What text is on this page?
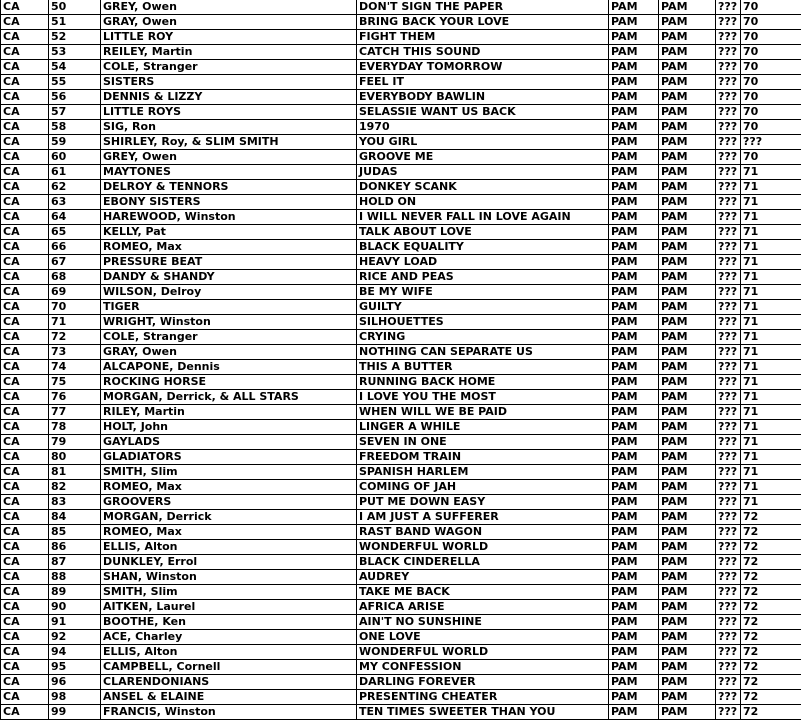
CA	50	GREY, Owen	DON'T SIGN THE PAPER	PAM	PAM	???	70
CA	51	GRAY, Owen	BRING BACK YOUR LOVE	PAM	PAM	???	70
CA	52	LITTLE ROY	FIGHT THEM	PAM	PAM	???	70
CA	53	REILEY, Martin	CATCH THIS SOUND	PAM	PAM	???	70
CA	54	COLE, Stranger	EVERYDAY TOMORROW	PAM	PAM	???	70
CA	55	SISTERS	FEEL IT	PAM	PAM	???	70
CA	56	DENNIS & LIZZY	EVERYBODY BAWLIN	PAM	PAM	???	70
CA	57	LITTLE ROYS	SELASSIE WANT US BACK	PAM	PAM	???	70
CA	58	SIG, Ron	1970	PAM	PAM	???	70
CA	59	SHIRLEY, Roy, & SLIM SMITH	YOU GIRL	PAM	PAM	???	???
CA	60	GREY, Owen	GROOVE ME	PAM	PAM	???	70
CA	61	MAYTONES	JUDAS	PAM	PAM	???	71
CA	62	DELROY & TENNORS	DONKEY SCANK	PAM	PAM	???	71
CA	63	EBONY SISTERS	HOLD ON	PAM	PAM	???	71
CA	64	HAREWOOD, Winston	I WILL NEVER FALL IN LOVE AGAIN	PAM	PAM	???	71
CA	65	KELLY, Pat	TALK ABOUT LOVE	PAM	PAM	???	71
CA	66	ROMEO, Max	BLACK EQUALITY	PAM	PAM	???	71
CA	67	PRESSURE BEAT	HEAVY LOAD	PAM	PAM	???	71
CA	68	DANDY & SHANDY	RICE AND PEAS	PAM	PAM	???	71
CA	69	WILSON, Delroy	BE MY WIFE	PAM	PAM	???	71
CA	70	TIGER	GUILTY	PAM	PAM	???	71
CA	71	WRIGHT, Winston	SILHOUETTES	PAM	PAM	???	71
CA	72	COLE, Stranger	CRYING	PAM	PAM	???	71
CA	73	GRAY, Owen	NOTHING CAN SEPARATE US	PAM	PAM	???	71
CA	74	ALCAPONE, Dennis	THIS A BUTTER	PAM	PAM	???	71
CA	75	ROCKING HORSE	RUNNING BACK HOME	PAM	PAM	???	71
CA	76	MORGAN, Derrick, & ALL STARS	I LOVE YOU THE MOST	PAM	PAM	???	71
CA	77	RILEY, Martin	WHEN WILL WE BE PAID	PAM	PAM	???	71
CA	78	HOLT, John	LINGER A WHILE	PAM	PAM	???	71
CA	79	GAYLADS	SEVEN IN ONE	PAM	PAM	???	71
CA	80	GLADIATORS	FREEDOM TRAIN	PAM	PAM	???	71
CA	81	SMITH, Slim	SPANISH HARLEM	PAM	PAM	???	71
CA	82	ROMEO, Max	COMING OF JAH	PAM	PAM	???	71
CA	83	GROOVERS	PUT ME DOWN EASY	PAM	PAM	???	71
CA	84	MORGAN, Derrick	I AM JUST A SUFFERER	PAM	PAM	???	72
CA	85	ROMEO, Max	RAST BAND WAGON	PAM	PAM	???	72
CA	86	ELLIS, Alton	WONDERFUL WORLD	PAM	PAM	???	72
CA	87	DUNKLEY, Errol	BLACK CINDERELLA	PAM	PAM	???	72
CA	88	SHAN, Winston	AUDREY	PAM	PAM	???	72
CA	89	SMITH, Slim	TAKE ME BACK	PAM	PAM	???	72
CA	90	AITKEN, Laurel	AFRICA ARISE	PAM	PAM	???	72
CA	91	BOOTHE, Ken	AIN'T NO SUNSHINE	PAM	PAM	???	72
CA	92	ACE, Charley	ONE LOVE	PAM	PAM	???	72
CA	94	ELLIS, Alton	WONDERFUL WORLD	PAM	PAM	???	72
CA	95	CAMPBELL, Cornell	MY CONFESSION	PAM	PAM	???	72
CA	96	CLARENDONIANS	DARLING FOREVER	PAM	PAM	???	72
CA	98	ANSEL & ELAINE	PRESENTING CHEATER	PAM	PAM	???	72
CA	99	FRANCIS, Winston	TEN TIMES SWEETER THAN YOU	PAM	PAM	???	72
